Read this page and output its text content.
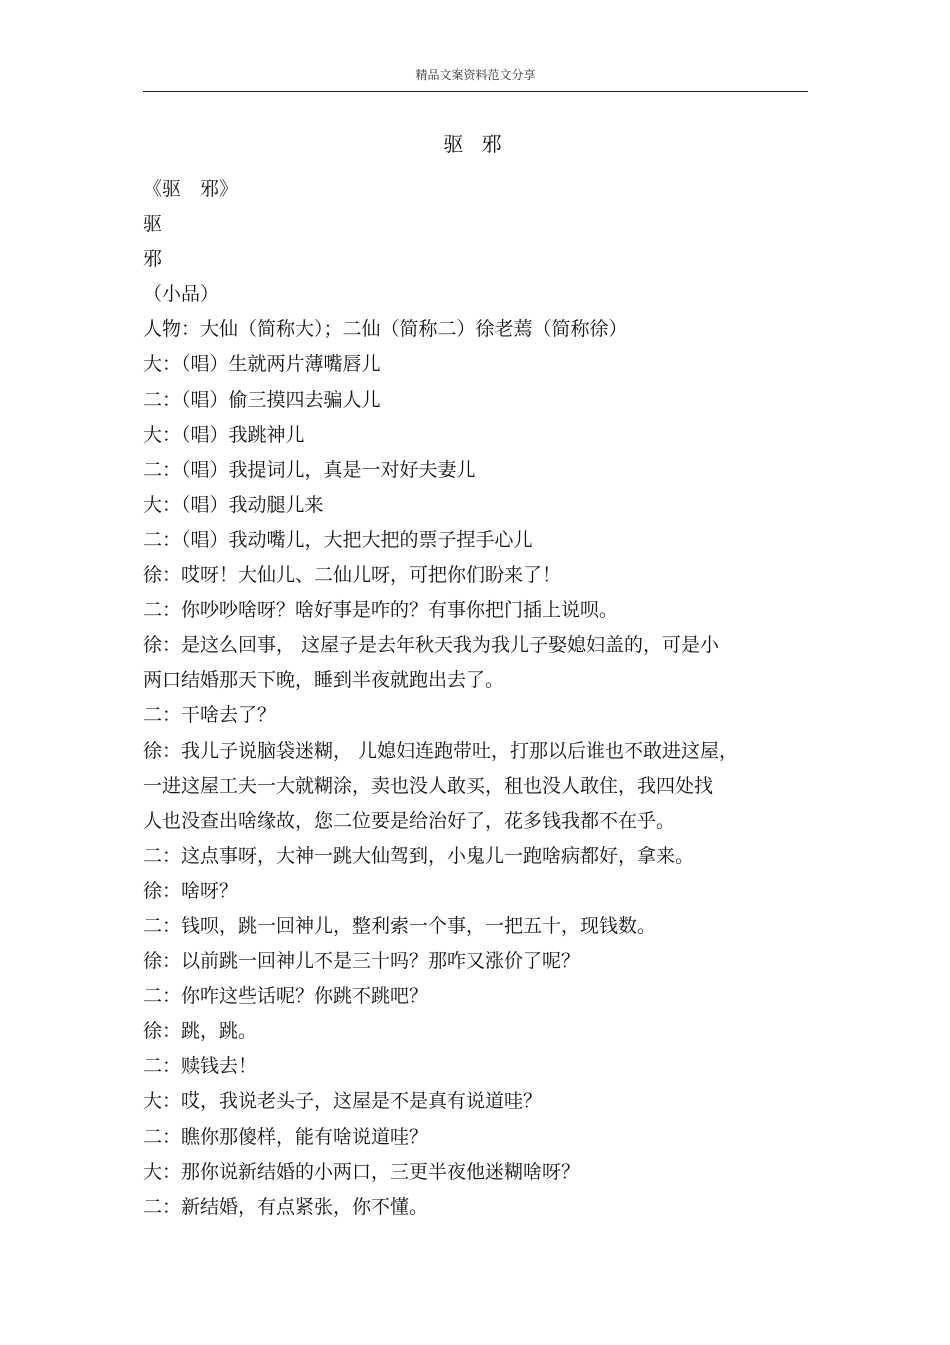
精品文案资料范文分享
驱 邪
《驱　邪》
驱
邪
（小品）
人物：大仙（简称大）；二仙（简称二）徐老蔫（简称徐）
大：（唱）生就两片薄嘴唇儿
二：（唱）偷三摸四去骗人儿
大：（唱）我跳神儿
二：（唱）我提词儿，真是一对好夫妻儿
大：（唱）我动腿儿来
二：（唱）我动嘴儿，大把大把的票子捏手心儿
徐：哎呀！大仙儿、二仙儿呀，可把你们盼来了！
二：你吵吵啥呀？啥好事是咋的？有事你把门插上说呗。
徐：是这么回事， 这屋子是去年秋天我为我儿子娶媳妇盖的，可是小
两口结婚那天下晚，睡到半夜就跑出去了。
二：干啥去了？
徐：我儿子说脑袋迷糊， 儿媳妇连跑带吐，打那以后谁也不敢进这屋，
一进这屋工夫一大就糊涂，卖也没人敢买，租也没人敢住，我四处找
人也没查出啥缘故，您二位要是给治好了，花多钱我都不在乎。
二：这点事呀，大神一跳大仙驾到，小鬼儿一跑啥病都好，拿来。
徐：啥呀？
二：钱呗，跳一回神儿，整利索一个事，一把五十，现钱数。
徐：以前跳一回神儿不是三十吗？那咋又涨价了呢？
二：你咋这些话呢？你跳不跳吧？
徐：跳，跳。
二：赎钱去！
大：哎，我说老头子，这屋是不是真有说道哇？
二：瞧你那傻样，能有啥说道哇？
大：那你说新结婚的小两口，三更半夜他迷糊啥呀？
二：新结婚，有点紧张，你不懂。
